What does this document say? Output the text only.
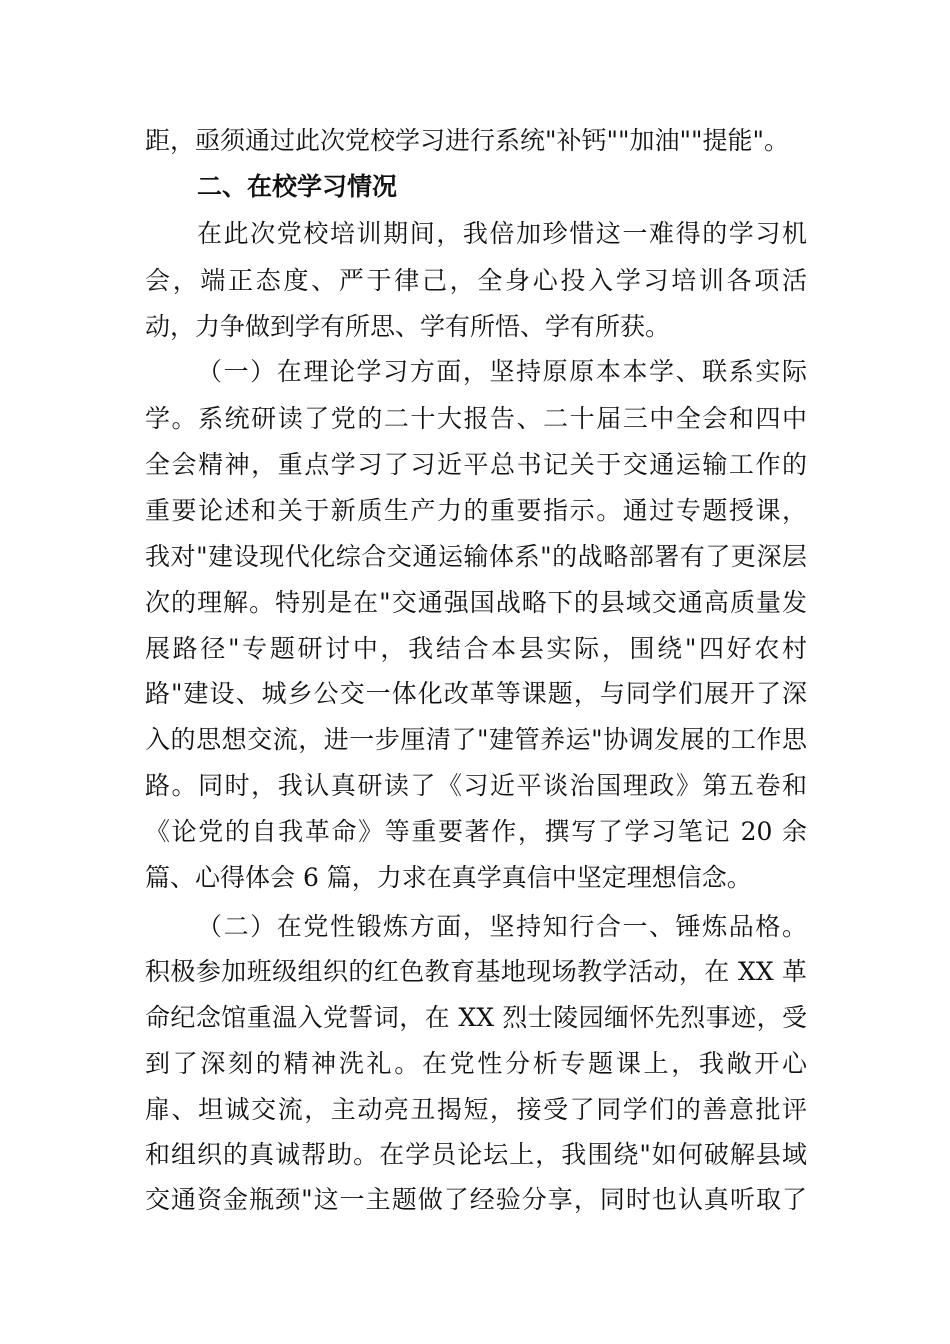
距，亟须通过此次党校学习进行系统"补钙""加油""提能"。
二、在校学习情况
在此次党校培训期间，我倍加珍惜这一难得的学习机
会，端正态度、严于律己，全身心投入学习培训各项活
动，力争做到学有所思、学有所悟、学有所获。
（一）在理论学习方面，坚持原原本本学、联系实际
学。系统研读了党的二十大报告、二十届三中全会和四中
全会精神，重点学习了习近平总书记关于交通运输工作的
重要论述和关于新质生产力的重要指示。通过专题授课，
我对"建设现代化综合交通运输体系"的战略部署有了更深层
次的理解。特别是在"交通强国战略下的县域交通高质量发
展路径"专题研讨中，我结合本县实际，围绕"四好农村
路"建设、城乡公交一体化改革等课题，与同学们展开了深
入的思想交流，进一步厘清了"建管养运"协调发展的工作思
路。同时，我认真研读了《习近平谈治国理政》第五卷和
《论党的自我革命》等重要著作，撰写了学习笔记 20 余
篇、心得体会 6 篇，力求在真学真信中坚定理想信念。
（二）在党性锻炼方面，坚持知行合一、锤炼品格。
积极参加班级组织的红色教育基地现场教学活动，在 XX 革
命纪念馆重温入党誓词，在 XX 烈士陵园缅怀先烈事迹，受
到了深刻的精神洗礼。在党性分析专题课上，我敞开心
扉、坦诚交流，主动亮丑揭短，接受了同学们的善意批评
和组织的真诚帮助。在学员论坛上，我围绕"如何破解县域
交通资金瓶颈"这一主题做了经验分享，同时也认真听取了
